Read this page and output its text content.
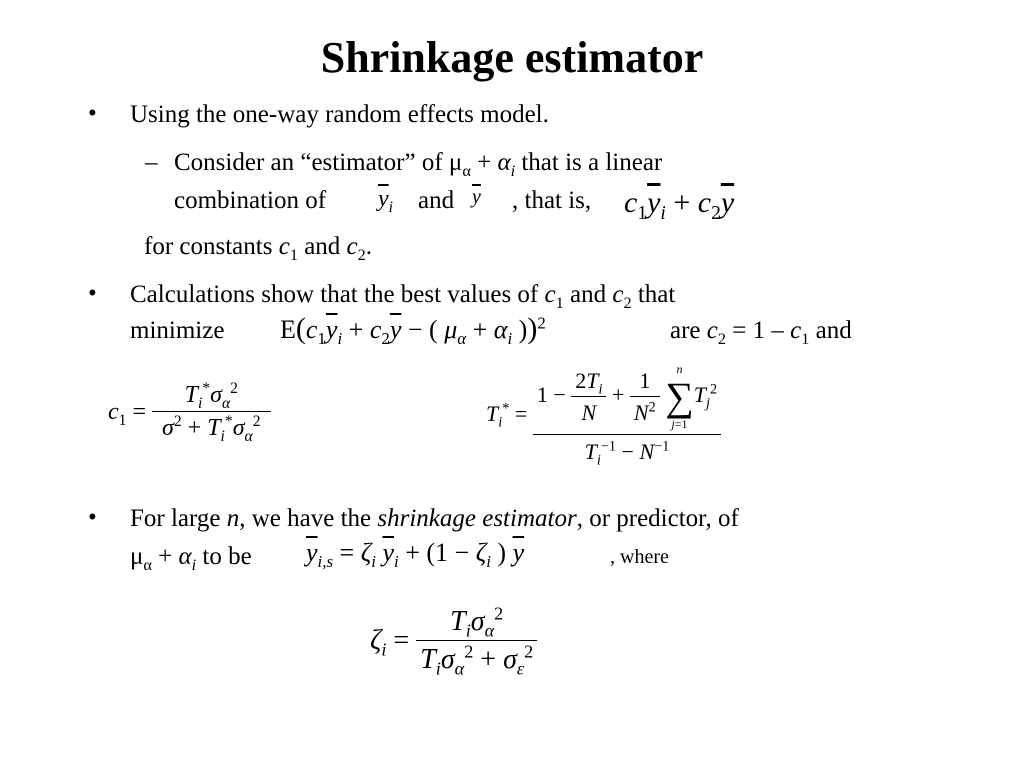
Shrinkage estimator
• Using the one-way random effects model.
– Consider an “estimator” of $\mu_\alpha + \alpha_i$ that is a linear
combination of $\overline{y}_i$ and $\overline{y}$ , that is, $c_1\overline{y}_i + c_2\overline{y}$
for constants $c_1$ and $c_2$.
• Calculations show that the best values of $c_1$ and $c_2$ that
minimize $E(c_1\overline{y}_i + c_2\overline{y}$ − ( $\mu_\alpha + \alpha_i$ ))$^2$	are $c_2 = 1 - c_1$ and
$c_1 = \frac{T_i^*\sigma_\alpha^2}{\sigma^2 + T_i^*\sigma_\alpha^2}$	$T_i^* = 1 - \frac{2T_i}{N} + \frac{1}{N^2}$
	n
∑
j=1
$T_j^2$
$T_i^{-1} - N^{-1}$
• For large n, we have the shrinkage estimator, or predictor, of
$\mu_\alpha + \alpha_i$ to be $\overline{y}_{i,s} = \zeta_i$ $\overline{y}_i + (1 - \zeta_i$ ) $\overline{y}$	, where
$\zeta_i = \frac{T_i\sigma_\alpha^2}{T_i\sigma_\alpha^2 + \sigma_\varepsilon^2}$
